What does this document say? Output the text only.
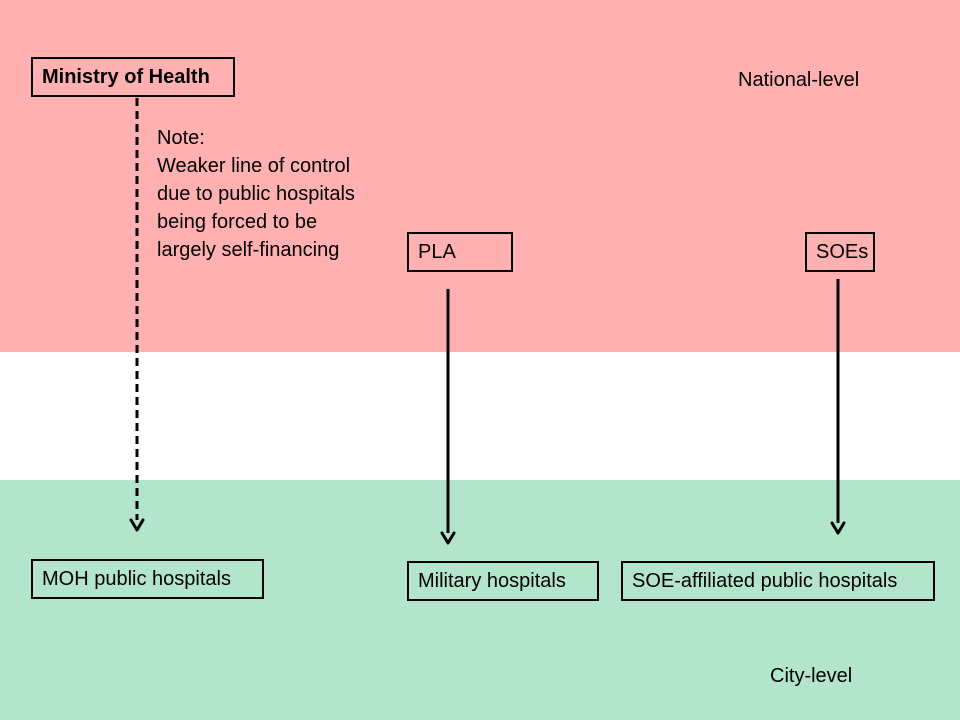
National-level
City-level
Ministry of Health
Note:
Weaker line of control
due to public hospitals
being forced to be
largely self-financing	PLA	SOEs
MOH public hospitals	Military hospitals	SOE-affiliated public hospitals
